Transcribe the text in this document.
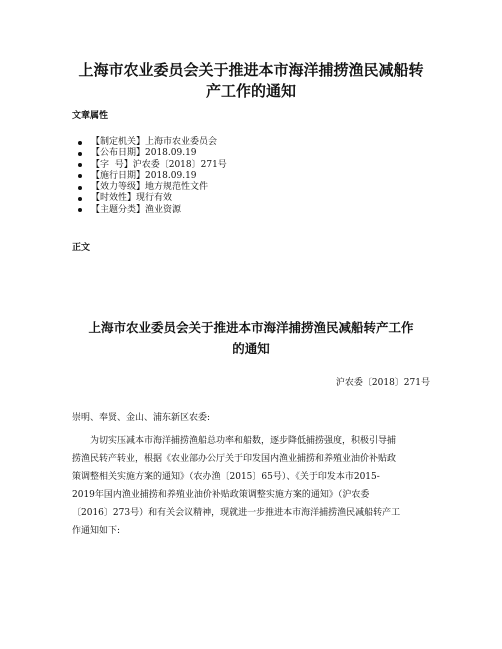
上海市农业委员会关于推进本市海洋捕捞渔民减船转
产工作的通知

文章属性

【制定机关】上海市农业委员会
【公布日期】2018.09.19
【字  号】沪农委〔2018〕271号
【施行日期】2018.09.19
【效力等级】地方规范性文件
【时效性】现行有效
【主题分类】渔业资源

正文

上海市农业委员会关于推进本市海洋捕捞渔民减船转产工作
的通知

沪农委〔2018〕271号

崇明、奉贤、金山、浦东新区农委:

为切实压减本市海洋捕捞渔船总功率和船数，逐步降低捕捞强度，积极引导捕
捞渔民转产转业，根据《农业部办公厅关于印发国内渔业捕捞和养殖业油价补贴政
策调整相关实施方案的通知》（农办渔〔2015〕65号）、《关于印发本市2015-
2019年国内渔业捕捞和养殖业油价补贴政策调整实施方案的通知》（沪农委
〔2016〕273号）和有关会议精神，现就进一步推进本市海洋捕捞渔民减船转产工
作通知如下:
